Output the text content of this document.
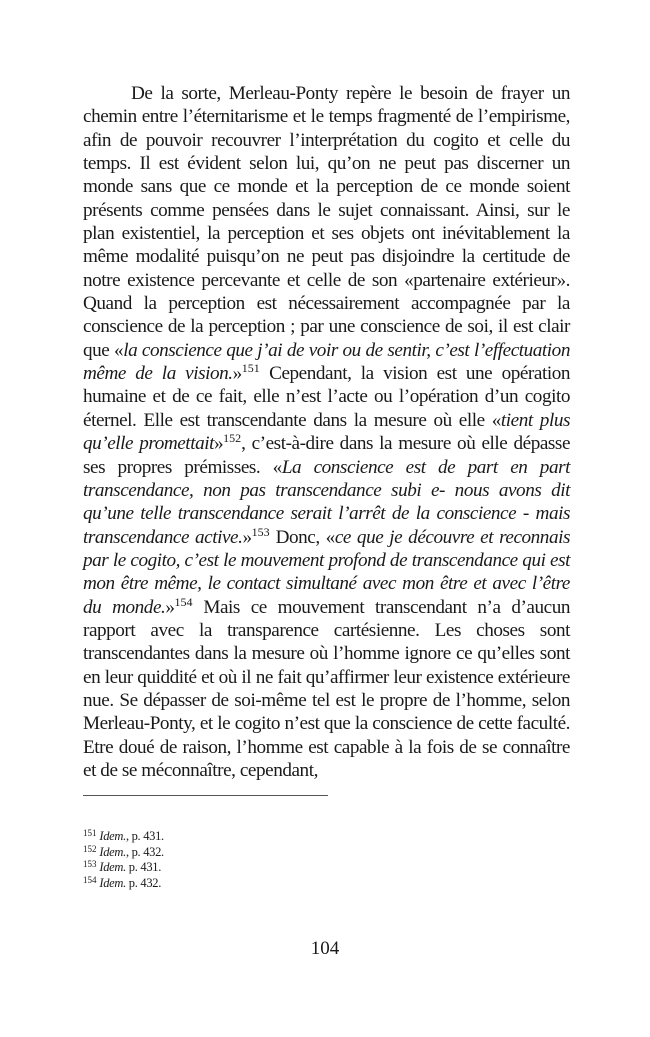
De la sorte, Merleau-Ponty repère le besoin de frayer un chemin entre l’éternitarisme et le temps fragmenté de l’empirisme, afin de pouvoir recouvrer l’interprétation du cogito et celle du temps. Il est évident selon lui, qu’on ne peut pas discerner un monde sans que ce monde et la perception de ce monde soient présents comme pensées dans le sujet connaissant. Ainsi, sur le plan existentiel, la perception et ses objets ont inévitablement la même modalité puisqu’on ne peut pas disjoindre la certitude de notre existence percevante et celle de son «partenaire extérieur». Quand la perception est nécessairement accompagnée par la conscience de la perception ; par une conscience de soi, il est clair que «la conscience que j’ai de voir ou de sentir, c’est l’effectuation même de la vision.»$^{151}$ Cependant, la vision est une opération humaine et de ce fait, elle n’est l’acte ou l’opération d’un cogito éternel. Elle est transcendante dans la mesure où elle «tient plus qu’elle promettait»$^{152}$, c’est-à-dire dans la mesure où elle dépasse ses propres prémisses. «La conscience est de part en part transcendance, non pas transcendance subi e- nous avons dit qu’une telle transcendance serait l’arrêt de la conscience - mais transcendance active.»$^{153}$ Donc, «ce que je découvre et reconnais par le cogito, c’est le mouvement profond de transcendance qui est mon être même, le contact simultané avec mon être et avec l’être du monde.»$^{154}$ Mais ce mouvement transcendant n’a d’aucun rapport avec la transparence cartésienne. Les choses sont transcendantes dans la mesure où l’homme ignore ce qu’elles sont en leur quiddité et où il ne fait qu’affirmer leur existence extérieure nue. Se dépasser de soi-même tel est le propre de l’homme, selon Merleau-Ponty, et le cogito n’est que la conscience de cette faculté. Etre doué de raison, l’homme est capable à la fois de se connaître et de se méconnaître, cependant,

$^{151}$ Idem., p. 431.
$^{152}$ Idem., p. 432.
$^{153}$ Idem. p. 431.
$^{154}$ Idem. p. 432.
104
